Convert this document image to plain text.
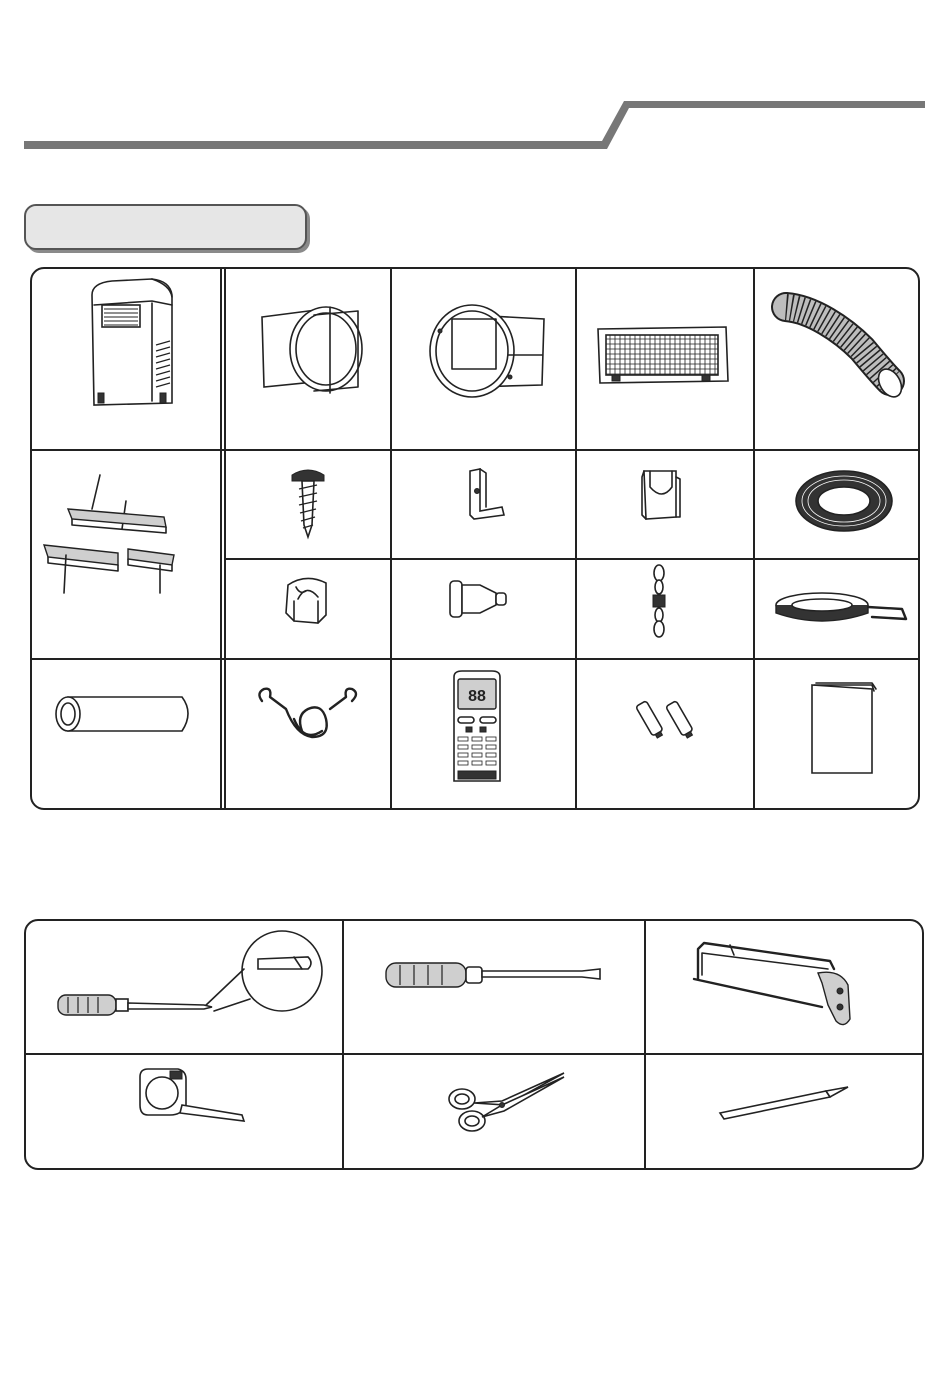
88
